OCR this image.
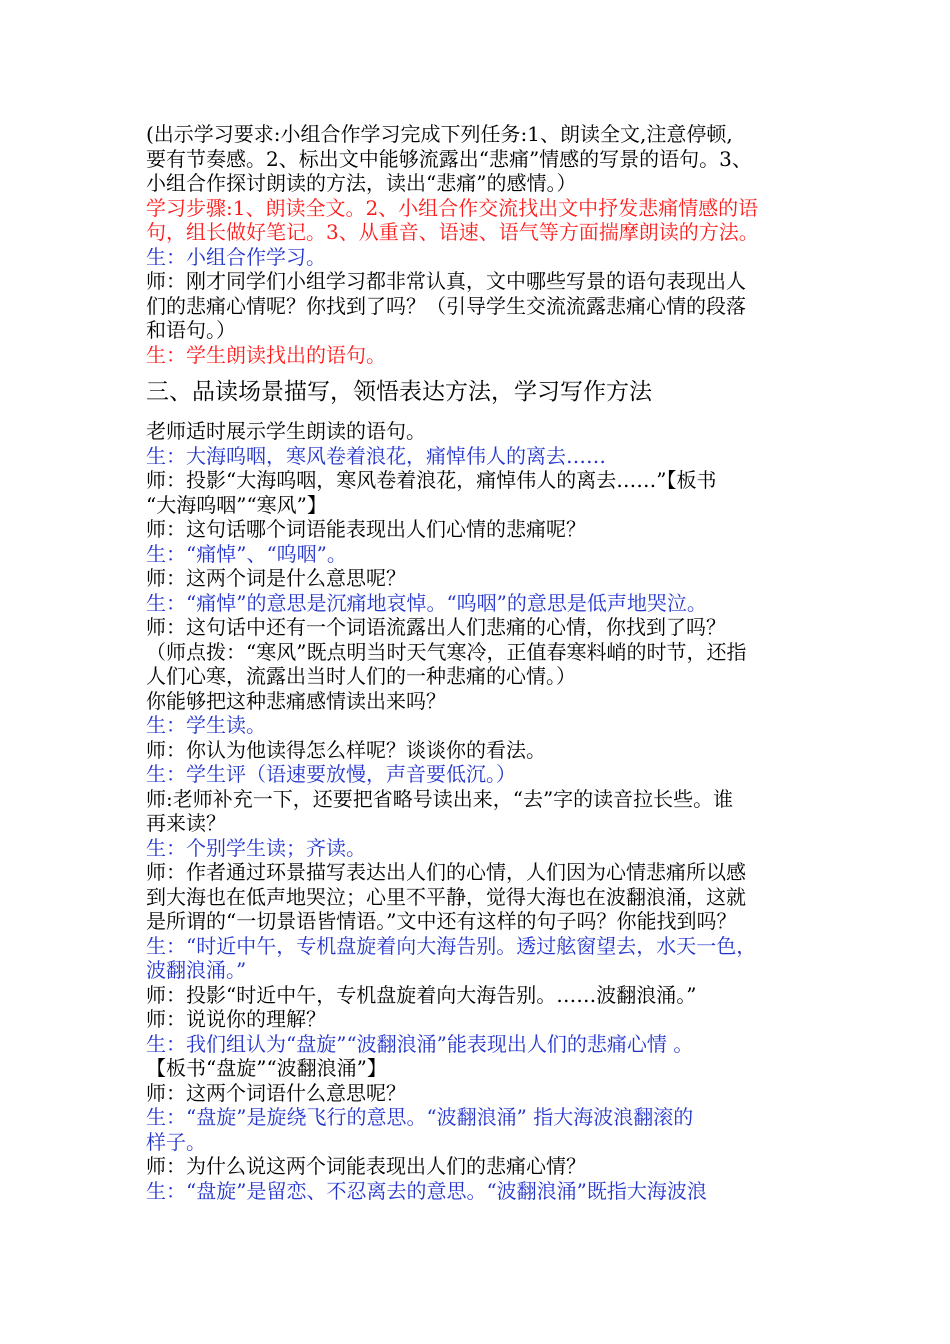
(出示学习要求:小组合作学习完成下列任务:1、朗读全文,注意停顿,
要有节奏感。2、标出文中能够流露出“悲痛”情感的写景的语句。3、
小组合作探讨朗读的方法，读出“悲痛”的感情。）
学习步骤:1、朗读全文。2、小组合作交流找出文中抒发悲痛情感的语
句，组长做好笔记。3、从重音、语速、语气等方面揣摩朗读的方法。
生：小组合作学习。
师：刚才同学们小组学习都非常认真，文中哪些写景的语句表现出人
们的悲痛心情呢？你找到了吗？（引导学生交流流露悲痛心情的段落
和语句。）
生：学生朗读找出的语句。
三、品读场景描写，领悟表达方法，学习写作方法
老师适时展示学生朗读的语句。
生：大海呜咽，寒风卷着浪花，痛悼伟人的离去……
师：投影“大海呜咽，寒风卷着浪花，痛悼伟人的离去……”【板书
“大海呜咽”“寒风”】
师：这句话哪个词语能表现出人们心情的悲痛呢？
生：“痛悼”、“呜咽”。
师：这两个词是什么意思呢？
生：“痛悼”的意思是沉痛地哀悼。“呜咽”的意思是低声地哭泣。
师：这句话中还有一个词语流露出人们悲痛的心情，你找到了吗？
（师点拨：“寒风”既点明当时天气寒冷，正值春寒料峭的时节，还指
人们心寒，流露出当时人们的一种悲痛的心情。）
你能够把这种悲痛感情读出来吗？
生：学生读。
师：你认为他读得怎么样呢？谈谈你的看法。
生：学生评（语速要放慢，声音要低沉。）
师:老师补充一下，还要把省略号读出来，“去”字的读音拉长些。谁
再来读？
生：个别学生读；齐读。
师：作者通过环景描写表达出人们的心情，人们因为心情悲痛所以感
到大海也在低声地哭泣；心里不平静，觉得大海也在波翻浪涌，这就
是所谓的“一切景语皆情语。”文中还有这样的句子吗？你能找到吗？
生：“时近中午，专机盘旋着向大海告别。透过舷窗望去，水天一色，
波翻浪涌。”
师：投影“时近中午，专机盘旋着向大海告别。……波翻浪涌。”
师：说说你的理解？
生：我们组认为“盘旋”“波翻浪涌”能表现出人们的悲痛心情 。
【板书“盘旋”“波翻浪涌”】
师：这两个词语什么意思呢？
生：“盘旋”是旋绕飞行的意思。“波翻浪涌” 指大海波浪翻滚的
样子。
师：为什么说这两个词能表现出人们的悲痛心情？
生：“盘旋”是留恋、不忍离去的意思。“波翻浪涌”既指大海波浪
